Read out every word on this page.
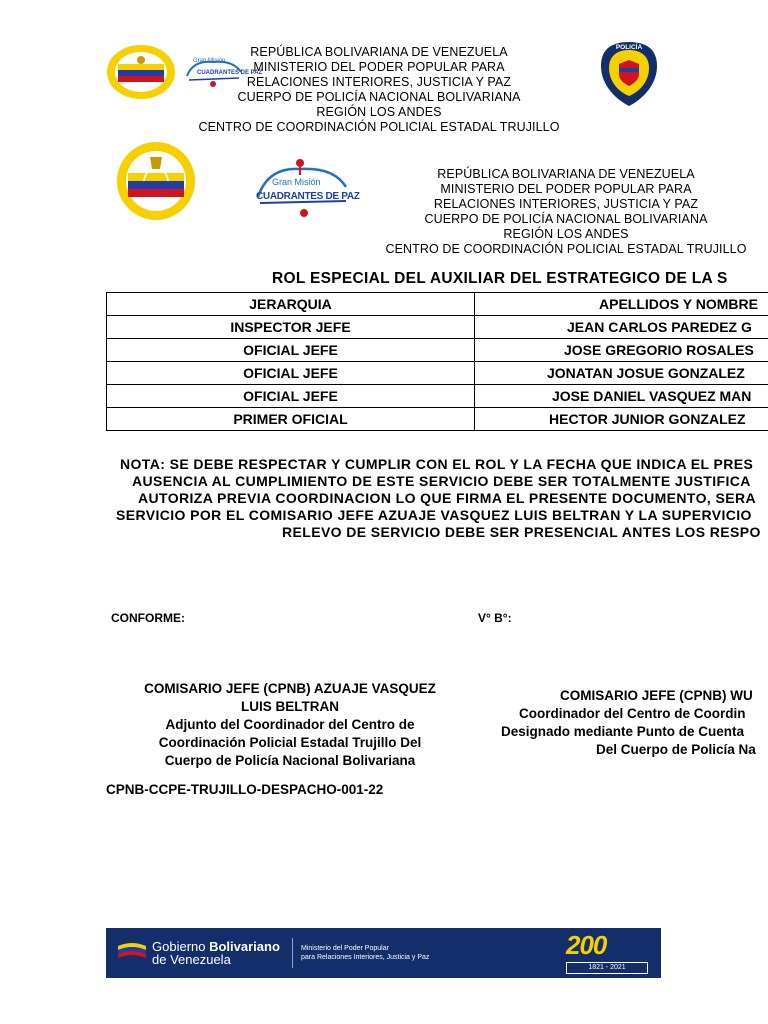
Gran Misión
CUADRANTES DE PAZ
REPÚBLICA BOLIVARIANA DE VENEZUELA
MINISTERIO DEL PODER POPULAR PARA
RELACIONES INTERIORES, JUSTICIA Y PAZ
CUERPO DE POLICÍA NACIONAL BOLIVARIANA
REGIÓN LOS ANDES
CENTRO DE COORDINACIÓN POLICIAL ESTADAL TRUJILLO
POLICÍA
Gran Misión
CUADRANTES DE PAZ
REPÚBLICA BOLIVARIANA DE VENEZUELA
MINISTERIO DEL PODER POPULAR PARA
RELACIONES INTERIORES, JUSTICIA Y PAZ
CUERPO DE POLICÍA NACIONAL BOLIVARIANA
REGIÓN LOS ANDES
CENTRO DE COORDINACIÓN POLICIAL ESTADAL TRUJILLO
ROL ESPECIAL DEL AUXILIAR DEL ESTRATEGICO DE LA S
JERARQUIA	APELLIDOS Y NOMBRE
INSPECTOR JEFE	JEAN CARLOS PAREDEZ G
OFICIAL JEFE	JOSE GREGORIO ROSALES
OFICIAL JEFE	JONATAN JOSUE GONZALEZ
OFICIAL JEFE	JOSE DANIEL VASQUEZ MAN
PRIMER OFICIAL	HECTOR JUNIOR GONZALEZ
NOTA: SE DEBE RESPECTAR Y CUMPLIR CON EL ROL Y LA FECHA QUE INDICA EL PRES
AUSENCIA AL CUMPLIMIENTO DE ESTE SERVICIO DEBE SER TOTALMENTE JUSTIFICA
AUTORIZA PREVIA COORDINACION LO QUE FIRMA EL PRESENTE DOCUMENTO, SERA
SERVICIO POR EL COMISARIO JEFE AZUAJE VASQUEZ LUIS BELTRAN Y LA SUPERVICIO
RELEVO DE SERVICIO DEBE SER PRESENCIAL ANTES LOS RESPO
CONFORME:	V° B°:
COMISARIO JEFE (CPNB) AZUAJE VASQUEZ
LUIS BELTRAN
Adjunto del Coordinador del Centro de
Coordinación Policial Estadal Trujillo Del
Cuerpo de Policía Nacional Bolivariana
COMISARIO JEFE (CPNB) WU
Coordinador del Centro de Coordin
Designado mediante Punto de Cuenta
Del Cuerpo de Policía Na
CPNB-CCPE-TRUJILLO-DESPACHO-001-22
Gobierno Bolivariano
de Venezuela
Ministerio del Poder Popular
para Relaciones Interiores, Justicia y Paz	200
1821 - 2021
